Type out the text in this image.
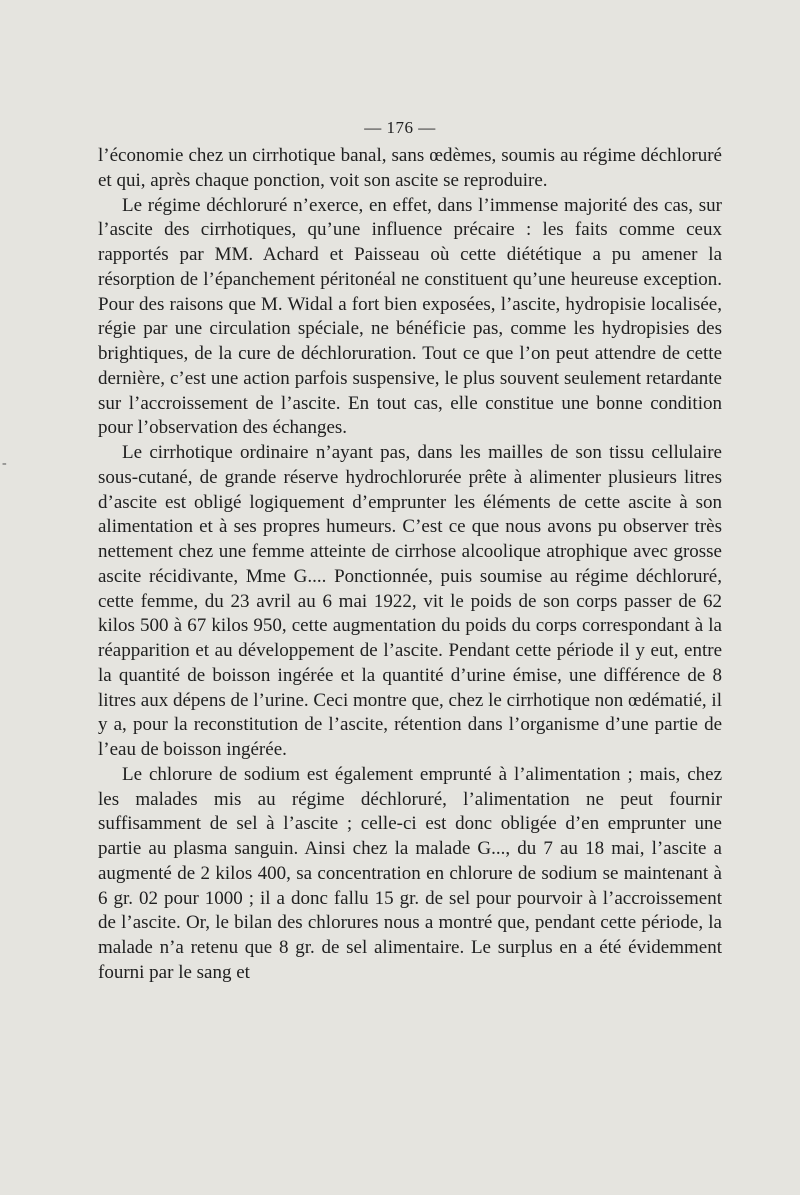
— 176 —
-

l’économie chez un cirrhotique banal, sans œdèmes, soumis au régime déchloruré et qui, après chaque ponction, voit son ascite se reproduire.

Le régime déchloruré n’exerce, en effet, dans l’immense majorité des cas, sur l’ascite des cirrhotiques, qu’une influence précaire : les faits comme ceux rapportés par MM. Achard et Paisseau où cette diététique a pu amener la résorption de l’épanchement péritonéal ne constituent qu’une heureuse exception. Pour des raisons que M. Widal a fort bien exposées, l’ascite, hydropisie localisée, régie par une circulation spéciale, ne bénéficie pas, comme les hydropisies des brightiques, de la cure de déchloruration. Tout ce que l’on peut attendre de cette dernière, c’est une action parfois suspensive, le plus souvent seulement retardante sur l’accroissement de l’ascite. En tout cas, elle constitue une bonne condition pour l’observation des échanges.

Le cirrhotique ordinaire n’ayant pas, dans les mailles de son tissu cellulaire sous-cutané, de grande réserve hydrochlorurée prête à alimenter plusieurs litres d’ascite est obligé logiquement d’emprunter les éléments de cette ascite à son alimentation et à ses propres humeurs. C’est ce que nous avons pu observer très nettement chez une femme atteinte de cirrhose alcoolique atrophique avec grosse ascite récidivante, Mme G.... Ponctionnée, puis soumise au régime déchloruré, cette femme, du 23 avril au 6 mai 1922, vit le poids de son corps passer de 62 kilos 500 à 67 kilos 950, cette augmentation du poids du corps correspondant à la réapparition et au développement de l’ascite. Pendant cette période il y eut, entre la quantité de boisson ingérée et la quantité d’urine émise, une différence de 8 litres aux dépens de l’urine. Ceci montre que, chez le cirrhotique non œdématié, il y a, pour la reconstitution de l’ascite, rétention dans l’organisme d’une partie de l’eau de boisson ingérée.

Le chlorure de sodium est également emprunté à l’alimentation ; mais, chez les malades mis au régime déchloruré, l’alimentation ne peut fournir suffisamment de sel à l’ascite ; celle-ci est donc obligée d’en emprunter une partie au plasma sanguin. Ainsi chez la malade G..., du 7 au 18 mai, l’ascite a augmenté de 2 kilos 400, sa concentration en chlorure de sodium se maintenant à 6 gr. 02 pour 1000 ; il a donc fallu 15 gr. de sel pour pourvoir à l’accroissement de l’ascite. Or, le bilan des chlorures nous a montré que, pendant cette période, la malade n’a retenu que 8 gr. de sel alimentaire. Le surplus en a été évidemment fourni par le sang et
